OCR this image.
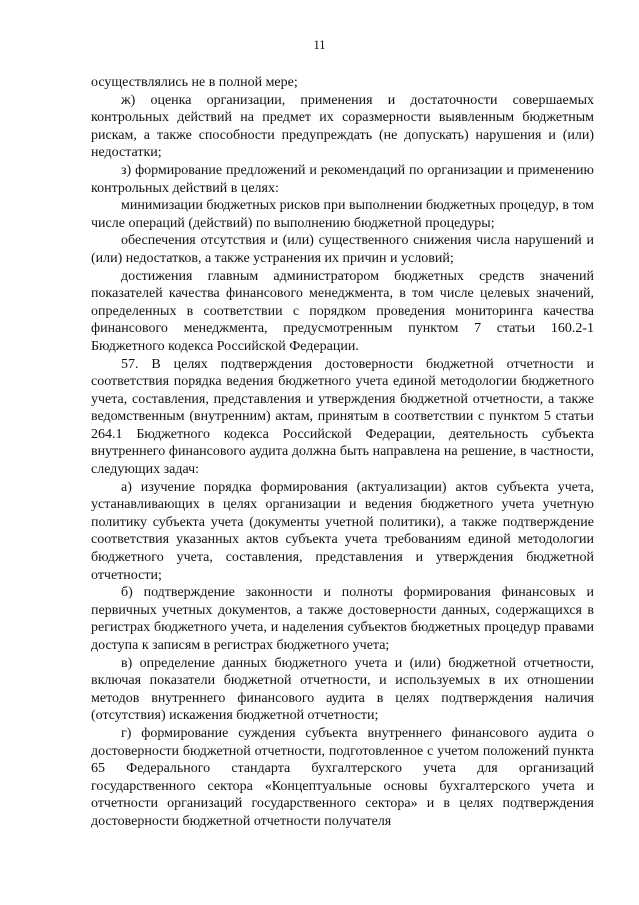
11

осуществлялись не в полной мере;

ж) оценка организации, применения и достаточности совершаемых контрольных действий на предмет их соразмерности выявленным бюджетным рискам, а также способности предупреждать (не допускать) нарушения и (или) недостатки;

з) формирование предложений и рекомендаций по организации и применению контрольных действий в целях:

минимизации бюджетных рисков при выполнении бюджетных процедур, в том числе операций (действий) по выполнению бюджетной процедуры;

обеспечения отсутствия и (или) существенного снижения числа нарушений и (или) недостатков, а также устранения их причин и условий;

достижения главным администратором бюджетных средств значений показателей качества финансового менеджмента, в том числе целевых значений, определенных в соответствии с порядком проведения мониторинга качества финансового менеджмента, предусмотренным пунктом 7 статьи 160.2-1 Бюджетного кодекса Российской Федерации.

57. В целях подтверждения достоверности бюджетной отчетности и соответствия порядка ведения бюджетного учета единой методологии бюджетного учета, составления, представления и утверждения бюджетной отчетности, а также ведомственным (внутренним) актам, принятым в соответствии с пунктом 5 статьи 264.1 Бюджетного кодекса Российской Федерации, деятельность субъекта внутреннего финансового аудита должна быть направлена на решение, в частности, следующих задач:

а) изучение порядка формирования (актуализации) актов субъекта учета, устанавливающих в целях организации и ведения бюджетного учета учетную политику субъекта учета (документы учетной политики), а также подтверждение соответствия указанных актов субъекта учета требованиям единой методологии бюджетного учета, составления, представления и утверждения бюджетной отчетности;

б) подтверждение законности и полноты формирования финансовых и первичных учетных документов, а также достоверности данных, содержащихся в регистрах бюджетного учета, и наделения субъектов бюджетных процедур правами доступа к записям в регистрах бюджетного учета;

в) определение данных бюджетного учета и (или) бюджетной отчетности, включая показатели бюджетной отчетности, и используемых в их отношении методов внутреннего финансового аудита в целях подтверждения наличия (отсутствия) искажения бюджетной отчетности;

г) формирование суждения субъекта внутреннего финансового аудита о достоверности бюджетной отчетности, подготовленное с учетом положений пункта 65 Федерального стандарта бухгалтерского учета для организаций государственного сектора «Концептуальные основы бухгалтерского учета и отчетности организаций государственного сектора» и в целях подтверждения достоверности бюджетной отчетности получателя
